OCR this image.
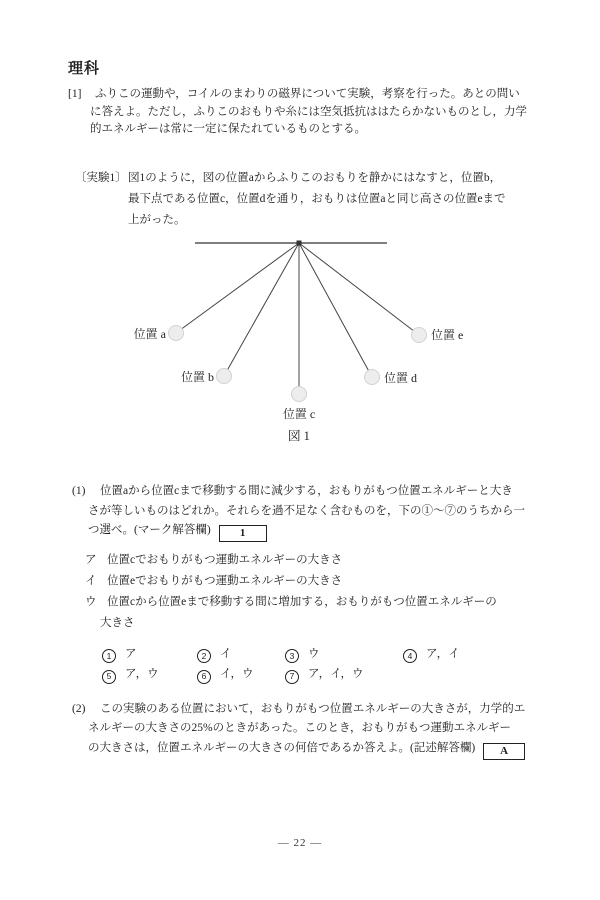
理科
[1] ふりこの運動や，コイルのまわりの磁界について実験，考察を行った。あとの問い
に答えよ。ただし，ふりこのおもりや糸には空気抵抗ははたらかないものとし，力学
的エネルギーは常に一定に保たれているものとする。
〔実験1〕 図1のように，図の位置aからふりこのおもりを静かにはなすと，位置b，
最下点である位置c，位置dを通り，おもりは位置aと同じ高さの位置eまで
上がった。
位置 a
位置 b
位置 c
位置 d
位置 e
図 1
(1) 位置aから位置cまで移動する間に減少する，おもりがもつ位置エネルギーと大き
さが等しいものはどれか。それらを過不足なく含むものを，下の①～⑦のうちから一
つ選べ。(マーク解答欄)	1
ア 位置cでおもりがもつ運動エネルギーの大きさ
イ 位置eでおもりがもつ運動エネルギーの大きさ
ウ 位置cから位置eまで移動する間に増加する，おもりがもつ位置エネルギーの
大きさ
1 ア	2 イ	3 ウ	4 ア，イ
5 ア，ウ	6 イ，ウ	7 ア，イ，ウ
(2) この実験のある位置において，おもりがもつ位置エネルギーの大きさが，力学的エ
ネルギーの大きさの25%のときがあった。このとき，おもりがもつ運動エネルギー
の大きさは，位置エネルギーの大きさの何倍であるか答えよ。(記述解答欄) A
— 22 —
